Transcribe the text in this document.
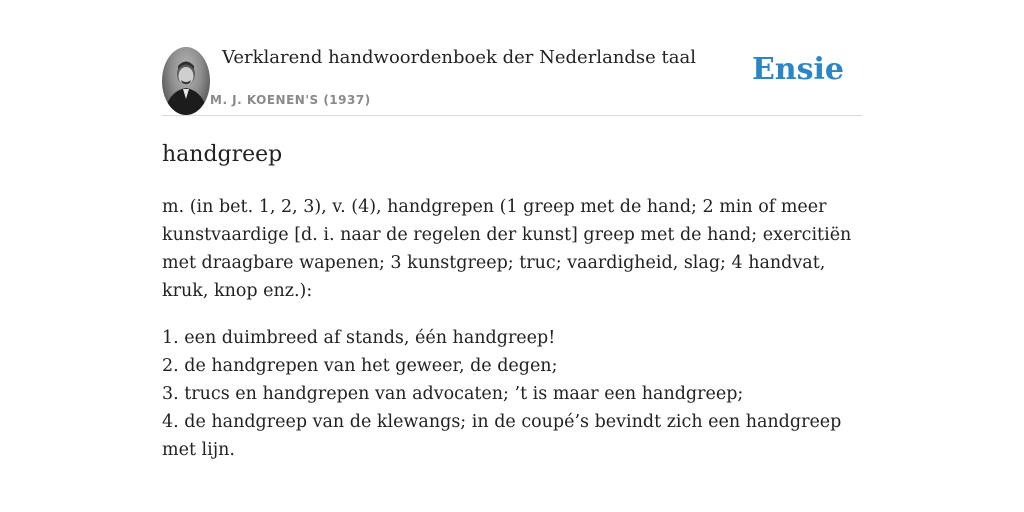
Verklarend handwoordenboek der Nederlandse taal
M. J. KOENEN'S (1937)
Ensie
handgreep

m. (in bet. 1, 2, 3), v. (4), handgrepen (1 greep met de hand; 2 min of meer kunstvaardige [d. i. naar de regelen der kunst] greep met de hand; exercitiën met draagbare wapenen; 3 kunstgreep; truc; vaardigheid, slag; 4 handvat, kruk, knop enz.):

1. een duimbreed af stands, één handgreep!
2. de handgrepen van het geweer, de degen;
3. trucs en handgrepen van advocaten; ’t is maar een handgreep;
4. de handgreep van de klewangs; in de coupé’s bevindt zich een handgreep met lijn.
